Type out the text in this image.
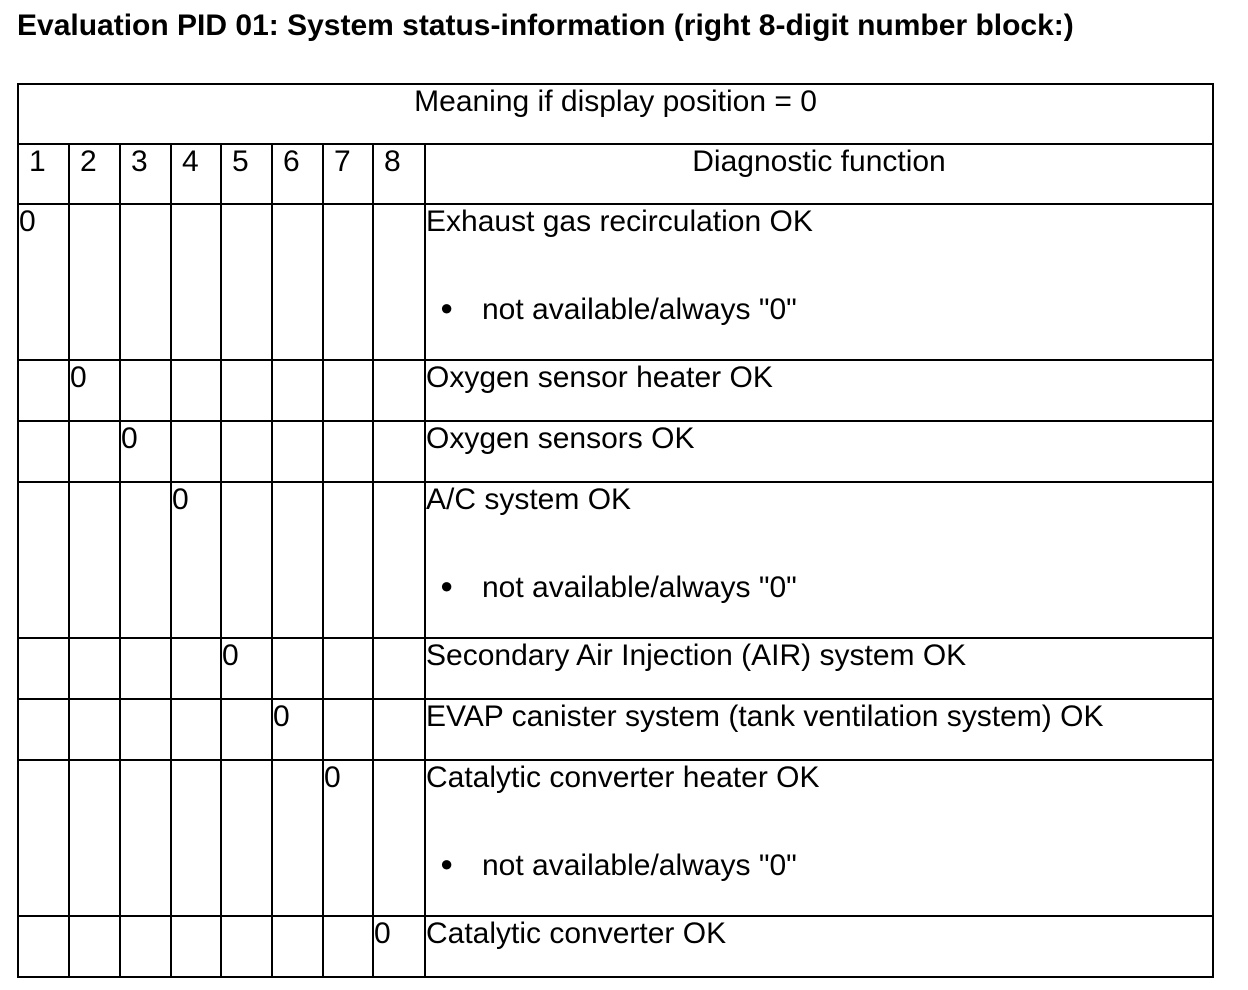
Evaluation PID 01: System status-information (right 8-digit number block:)
Meaning if display position = 0								
1	2	3	4	5	6	7	8	Diagnostic function
0								Exhaust gas recirculation OK
● not available/always "0"

	0							Oxygen sensor heater OK

		0						Oxygen sensors OK

			0					A/C system OK
● not available/always "0"

				0				Secondary Air Injection (AIR) system OK

					0			EVAP canister system (tank ventilation system) OK

						0		Catalytic converter heater OK
● not available/always "0"

							0	Catalytic converter OK
